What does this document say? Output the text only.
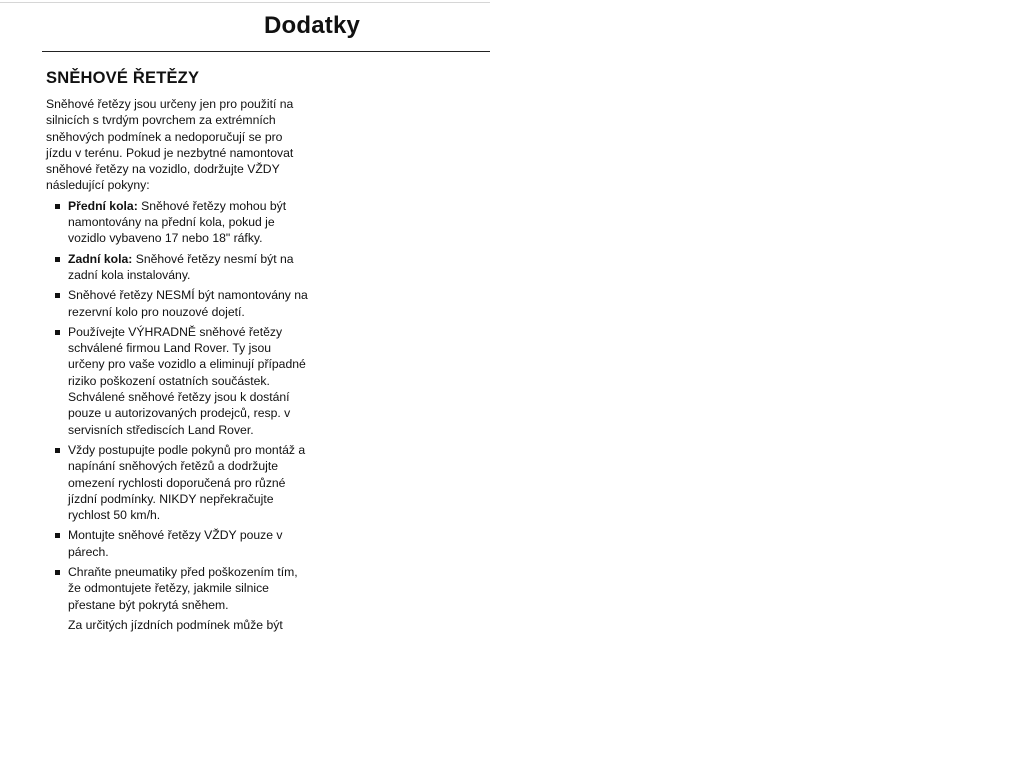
Dodatky
SNĚHOVÉ ŘETĚZY

Sněhové řetězy jsou určeny jen pro použití na silnicích s tvrdým povrchem za extrémních sněhových podmínek a nedoporučují se pro jízdu v terénu. Pokud je nezbytné namontovat sněhové řetězy na vozidlo, dodržujte VŽDY následující pokyny:

Přední kola: Sněhové řetězy mohou být namontovány na přední kola, pokud je vozidlo vybaveno 17 nebo 18" ráfky.
Zadní kola: Sněhové řetězy nesmí být na zadní kola instalovány.
Sněhové řetězy NESMÍ být namontovány na rezervní kolo pro nouzové dojetí.
Používejte VÝHRADNĚ sněhové řetězy schválené firmou Land Rover. Ty jsou určeny pro vaše vozidlo a eliminují případné riziko poškození ostatních součástek. Schválené sněhové řetězy jsou k dostání pouze u autorizovaných prodejců, resp. v servisních střediscích Land Rover.
Vždy postupujte podle pokynů pro montáž a napínání sněhových řetězů a dodržujte omezení rychlosti doporučená pro různé jízdní podmínky. NIKDY nepřekračujte rychlost 50 km/h.
Montujte sněhové řetězy VŽDY pouze v párech.
Chraňte pneumatiky před poškozením tím, že odmontujete řetězy, jakmile silnice přestane být pokrytá sněhem.
Za určitých jízdních podmínek může být
